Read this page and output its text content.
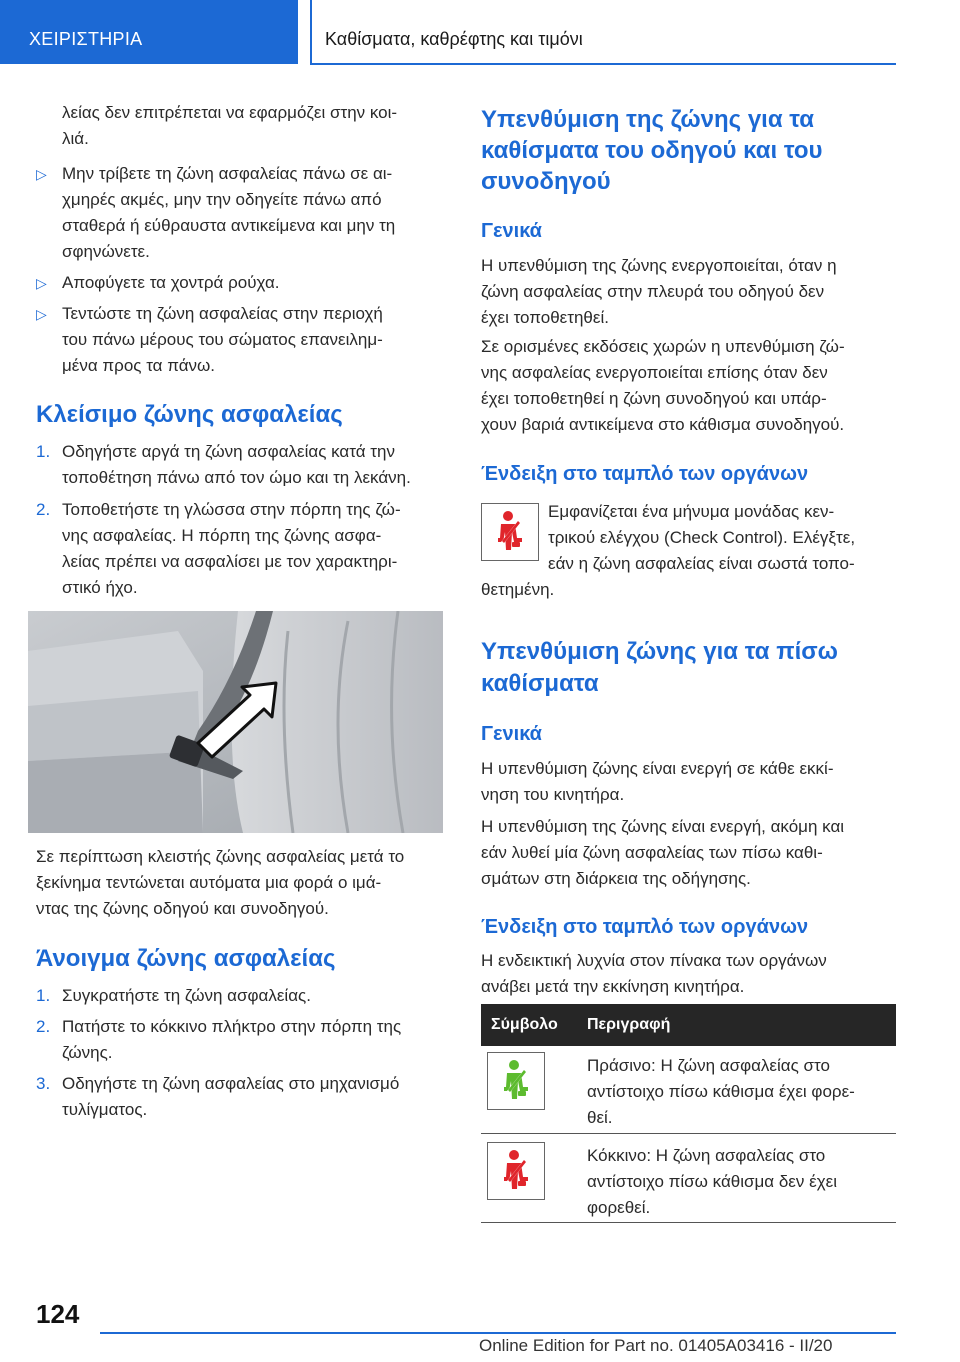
ΧΕΙΡΙΣΤΗΡΙΑ	Καθίσματα, καθρέφτης και τιμόνι

λείας δεν επιτρέπεται να εφαρμόζει στην κοι-

λιά.

▷ Μην τρίβετε τη ζώνη ασφαλείας πάνω σε αι-

χμηρές ακμές, μην την οδηγείτε πάνω από

σταθερά ή εύθραυστα αντικείμενα και μην τη

σφηνώνετε.

▷ Αποφύγετε τα χοντρά ρούχα.

▷ Τεντώστε τη ζώνη ασφαλείας στην περιοχή

του πάνω μέρους του σώματος επανειλημ-

μένα προς τα πάνω.

Κλείσιμο ζώνης ασφαλείας
1. Οδηγήστε αργά τη ζώνη ασφαλείας κατά την

τοποθέτηση πάνω από τον ώμο και τη λεκάνη.

2. Τοποθετήστε τη γλώσσα στην πόρπη της ζώ-

νης ασφαλείας. Η πόρπη της ζώνης ασφα-

λείας πρέπει να ασφαλίσει με τον χαρακτηρι-

στικό ήχο.

Σε περίπτωση κλειστής ζώνης ασφαλείας μετά το

ξεκίνημα τεντώνεται αυτόματα μια φορά ο ιμά-

ντας της ζώνης οδηγού και συνοδηγού.

Άνοιγμα ζώνης ασφαλείας
1. Συγκρατήστε τη ζώνη ασφαλείας.

2. Πατήστε το κόκκινο πλήκτρο στην πόρπη της

ζώνης.

3. Οδηγήστε τη ζώνη ασφαλείας στο μηχανισμό

τυλίγματος.

Υπενθύμιση της ζώνης για τα

καθίσματα του οδηγού και του

συνοδηγού

Γενικά

Η υπενθύμιση της ζώνης ενεργοποιείται, όταν η

ζώνη ασφαλείας στην πλευρά του οδηγού δεν

έχει τοποθετηθεί.

Σε ορισμένες εκδόσεις χωρών η υπενθύμιση ζώ-

νης ασφαλείας ενεργοποιείται επίσης όταν δεν

έχει τοποθετηθεί η ζώνη συνοδηγού και υπάρ-

χουν βαριά αντικείμενα στο κάθισμα συνοδηγού.

Ένδειξη στο ταμπλό των οργάνων

Εμφανίζεται ένα μήνυμα μονάδας κεν-

τρικού ελέγχου (Check Control). Ελέγξτε,

εάν η ζώνη ασφαλείας είναι σωστά τοπο-

θετημένη.

Υπενθύμιση ζώνης για τα πίσω

καθίσματα

Γενικά

Η υπενθύμιση ζώνης είναι ενεργή σε κάθε εκκί-

νηση του κινητήρα.

Η υπενθύμιση της ζώνης είναι ενεργή, ακόμη και

εάν λυθεί μία ζώνη ασφαλείας των πίσω καθι-

σμάτων στη διάρκεια της οδήγησης.

Ένδειξη στο ταμπλό των οργάνων

Η ενδεικτική λυχνία στον πίνακα των οργάνων

ανάβει μετά την εκκίνηση κινητήρα.

Σύμβολο Περιγραφή

Πράσινο: Η ζώνη ασφαλείας στο

αντίστοιχο πίσω κάθισμα έχει φορε-

θεί.

Κόκκινο: Η ζώνη ασφαλείας στο

αντίστοιχο πίσω κάθισμα δεν έχει

φορεθεί.

124
Online Edition for Part no. 01405A03416 - II/20
